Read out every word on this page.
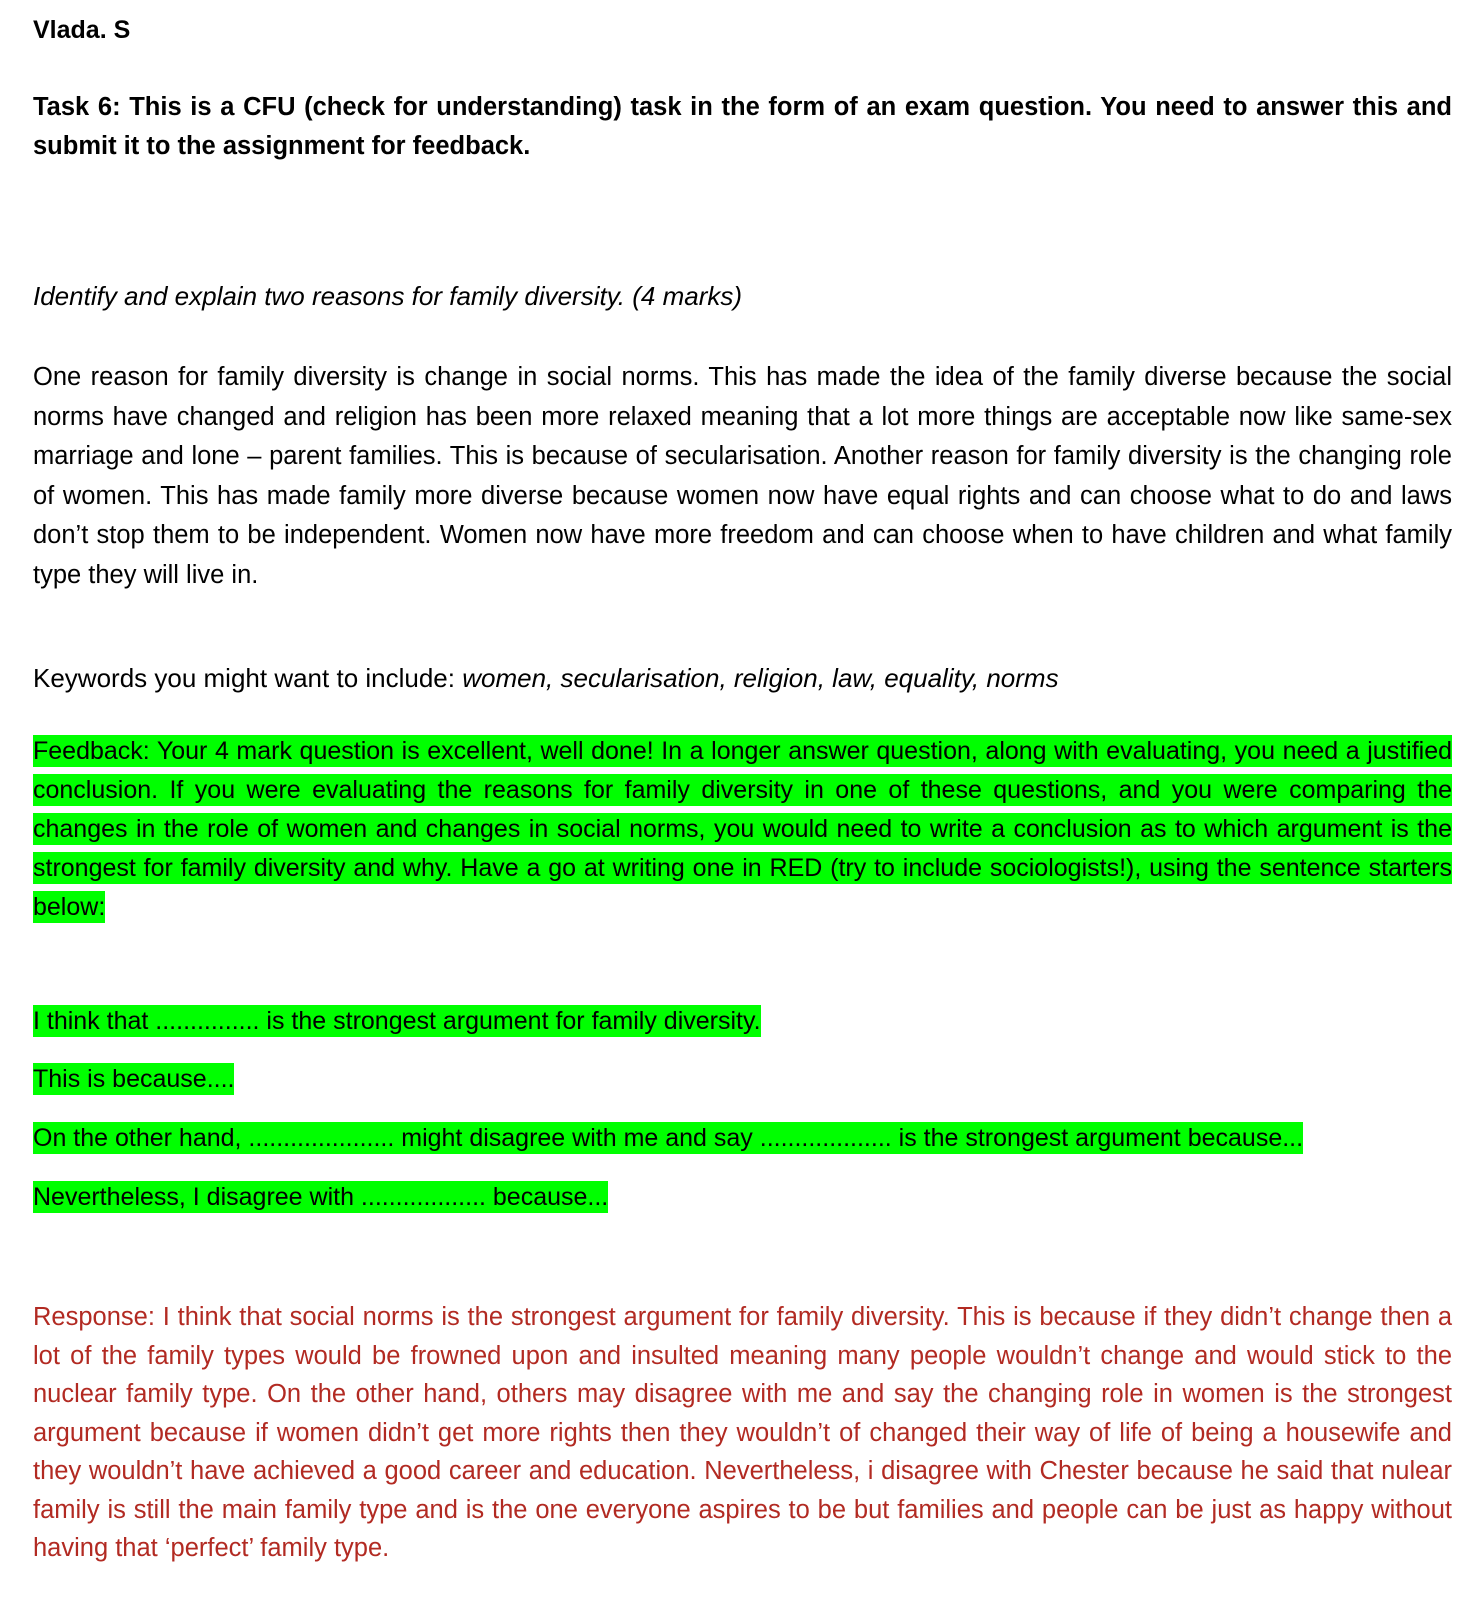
Vlada. S

Task 6: This is a CFU (check for understanding) task in the form of an exam question. You need to answer this and submit it to the assignment for feedback.

Identify and explain two reasons for family diversity. (4 marks)

One reason for family diversity is change in social norms. This has made the idea of the family diverse because the social norms have changed and religion has been more relaxed meaning that a lot more things are acceptable now like same-sex marriage and lone – parent families. This is because of secularisation. Another reason for family diversity is the changing role of women. This has made family more diverse because women now have equal rights and can choose what to do and laws don’t stop them to be independent. Women now have more freedom and can choose when to have children and what family type they will live in.

Keywords you might want to include: women, secularisation, religion, law, equality, norms

Feedback: Your 4 mark question is excellent, well done! In a longer answer question, along with evaluating, you need a justified conclusion. If you were evaluating the reasons for family diversity in one of these questions, and you were comparing the changes in the role of women and changes in social norms, you would need to write a conclusion as to which argument is the strongest for family diversity and why. Have a go at writing one in RED (try to include sociologists!), using the sentence starters below:

I think that ............... is the strongest argument for family diversity.

This is because....

On the other hand, ..................... might disagree with me and say ................... is the strongest argument because...

Nevertheless, I disagree with .................. because...

Response: I think that social norms is the strongest argument for family diversity. This is because if they didn’t change then a lot of the family types would be frowned upon and insulted meaning many people wouldn’t change and would stick to the nuclear family type. On the other hand, others may disagree with me and say the changing role in women is the strongest argument because if women didn’t get more rights then they wouldn’t of changed their way of life of being a housewife and they wouldn’t have achieved a good career and education. Nevertheless, i disagree with Chester because he said that nulear family is still the main family type and is the one everyone aspires to be but families and people can be just as happy without having that ‘perfect’ family type.
